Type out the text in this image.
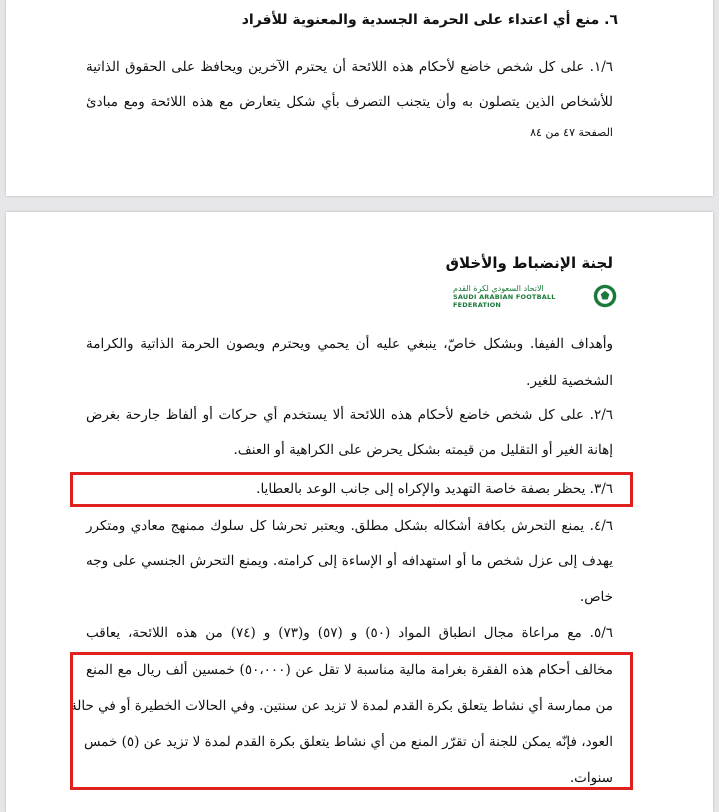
٦. منع أي اعتداء على الحرمة الجسدية والمعنوية للأفراد
١/٦. على كل شخص خاضع لأحكام هذه اللائحة أن يحترم الآخرين ويحافظ على الحقوق الذاتية
للأشخاص الذين يتصلون به وأن يتجنب التصرف بأي شكل يتعارض مع هذه اللائحة ومع مبادئ
الصفحة ٤٧ من ٨٤
لجنة الإنضباط والأخلاق
الاتحاد السعودي لكرة القدم
SAUDI ARABIAN FOOTBALL FEDERATION
وأهداف الفيفا. وبشكل خاصّ، ينبغي عليه أن يحمي ويحترم ويصون الحرمة الذاتية والكرامة
الشخصية للغير.
٢/٦. على كل شخص خاضع لأحكام هذه اللائحة ألا يستخدم أي حركات أو ألفاظ جارحة بغرض
إهانة الغير أو التقليل من قيمته بشكل يحرض على الكراهية أو العنف.
٣/٦. يحظر بصفة خاصة التهديد والإكراه إلى جانب الوعد بالعطايا.
٤/٦. يمنع التحرش بكافة أشكاله بشكل مطلق. ويعتبر تحرشا كل سلوك ممنهج معادي ومتكرر
يهدف إلى عزل شخص ما أو استهدافه أو الإساءة إلى كرامته. ويمنع التحرش الجنسي على وجه
خاص.
٥/٦. مع مراعاة مجال انطباق المواد (٥٠) و (٥٧) و(٧٣) و (٧٤) من هذه اللائحة، يعاقب
مخالف أحكام هذه الفقرة بغرامة مالية مناسبة لا تقل عن (٥٠،٠٠٠) خمسين ألف ريال مع المنع
من ممارسة أي نشاط يتعلق بكرة القدم لمدة لا تزيد عن سنتين. وفي الحالات الخطيرة أو في حالة
العود، فإنّه يمكن للجنة أن تقرّر المنع من أي نشاط يتعلق بكرة القدم لمدة لا تزيد عن (٥) خمس
سنوات.
